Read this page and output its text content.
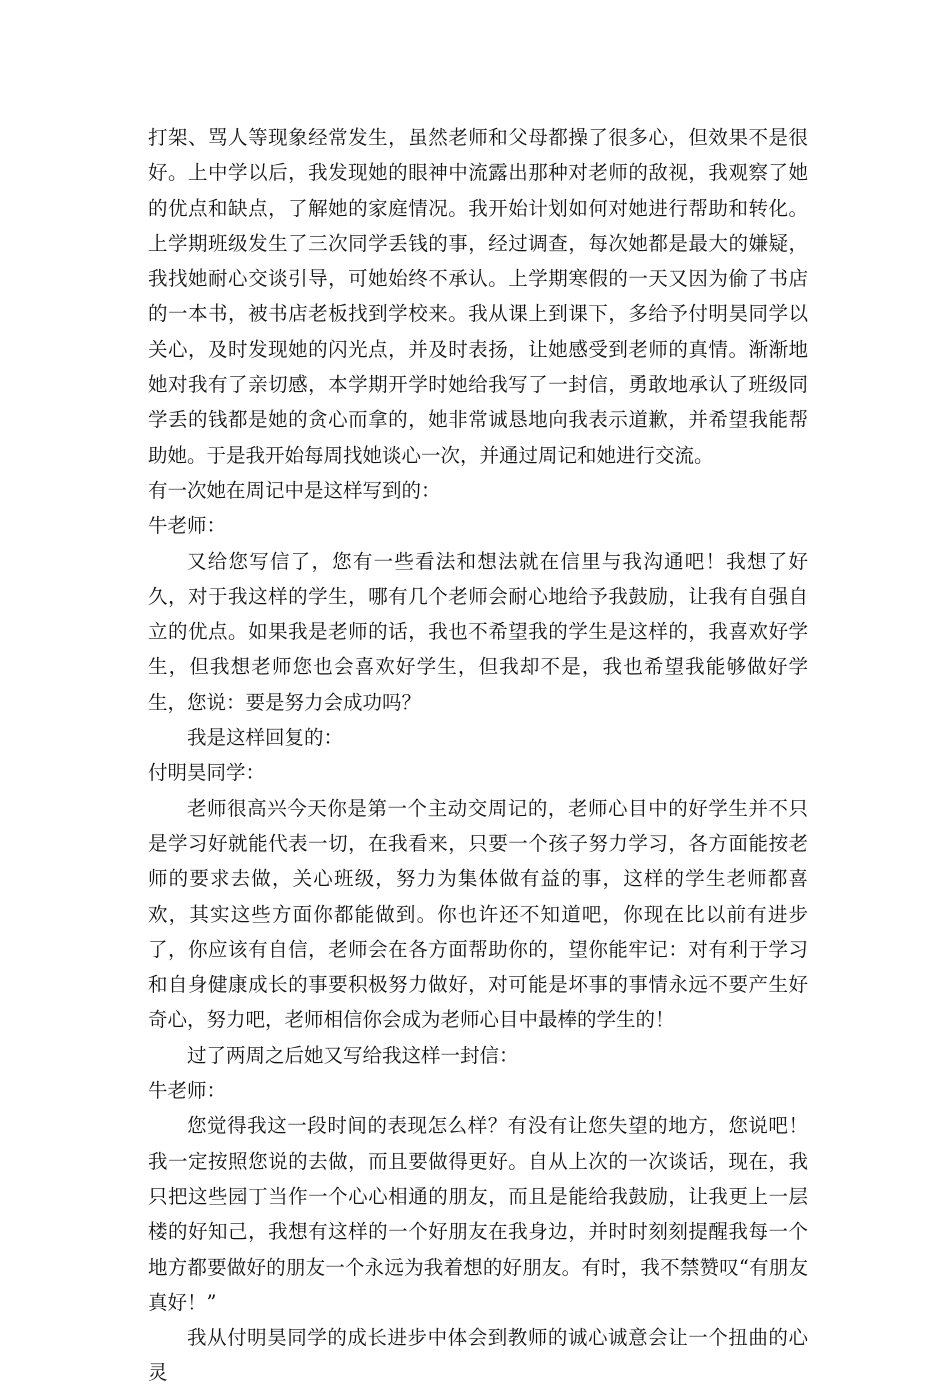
打架、骂人等现象经常发生，虽然老师和父母都操了很多心，但效果不是很好。上中学以后，我发现她的眼神中流露出那种对老师的敌视，我观察了她的优点和缺点，了解她的家庭情况。我开始计划如何对她进行帮助和转化。上学期班级发生了三次同学丢钱的事，经过调查，每次她都是最大的嫌疑，我找她耐心交谈引导，可她始终不承认。上学期寒假的一天又因为偷了书店的一本书，被书店老板找到学校来。我从课上到课下，多给予付明昊同学以关心，及时发现她的闪光点，并及时表扬，让她感受到老师的真情。渐渐地她对我有了亲切感，本学期开学时她给我写了一封信，勇敢地承认了班级同学丢的钱都是她的贪心而拿的，她非常诚恳地向我表示道歉，并希望我能帮助她。于是我开始每周找她谈心一次，并通过周记和她进行交流。

有一次她在周记中是这样写到的：

牛老师：

又给您写信了，您有一些看法和想法就在信里与我沟通吧！我想了好久，对于我这样的学生，哪有几个老师会耐心地给予我鼓励，让我有自强自立的优点。如果我是老师的话，我也不希望我的学生是这样的，我喜欢好学生，但我想老师您也会喜欢好学生，但我却不是，我也希望我能够做好学生，您说：要是努力会成功吗？

我是这样回复的：

付明昊同学：

老师很高兴今天你是第一个主动交周记的，老师心目中的好学生并不只是学习好就能代表一切，在我看来，只要一个孩子努力学习，各方面能按老师的要求去做，关心班级，努力为集体做有益的事，这样的学生老师都喜欢，其实这些方面你都能做到。你也许还不知道吧，你现在比以前有进步了，你应该有自信，老师会在各方面帮助你的，望你能牢记：对有利于学习和自身健康成长的事要积极努力做好，对可能是坏事的事情永远不要产生好奇心，努力吧，老师相信你会成为老师心目中最棒的学生的！

过了两周之后她又写给我这样一封信：

牛老师：

您觉得我这一段时间的表现怎么样？有没有让您失望的地方，您说吧！我一定按照您说的去做，而且要做得更好。自从上次的一次谈话，现在，我只把这些园丁当作一个心心相通的朋友，而且是能给我鼓励，让我更上一层楼的好知己，我想有这样的一个好朋友在我身边，并时时刻刻提醒我每一个地方都要做好的朋友一个永远为我着想的好朋友。有时，我不禁赞叹“有朋友真好！”

我从付明昊同学的成长进步中体会到教师的诚心诚意会让一个扭曲的心灵
